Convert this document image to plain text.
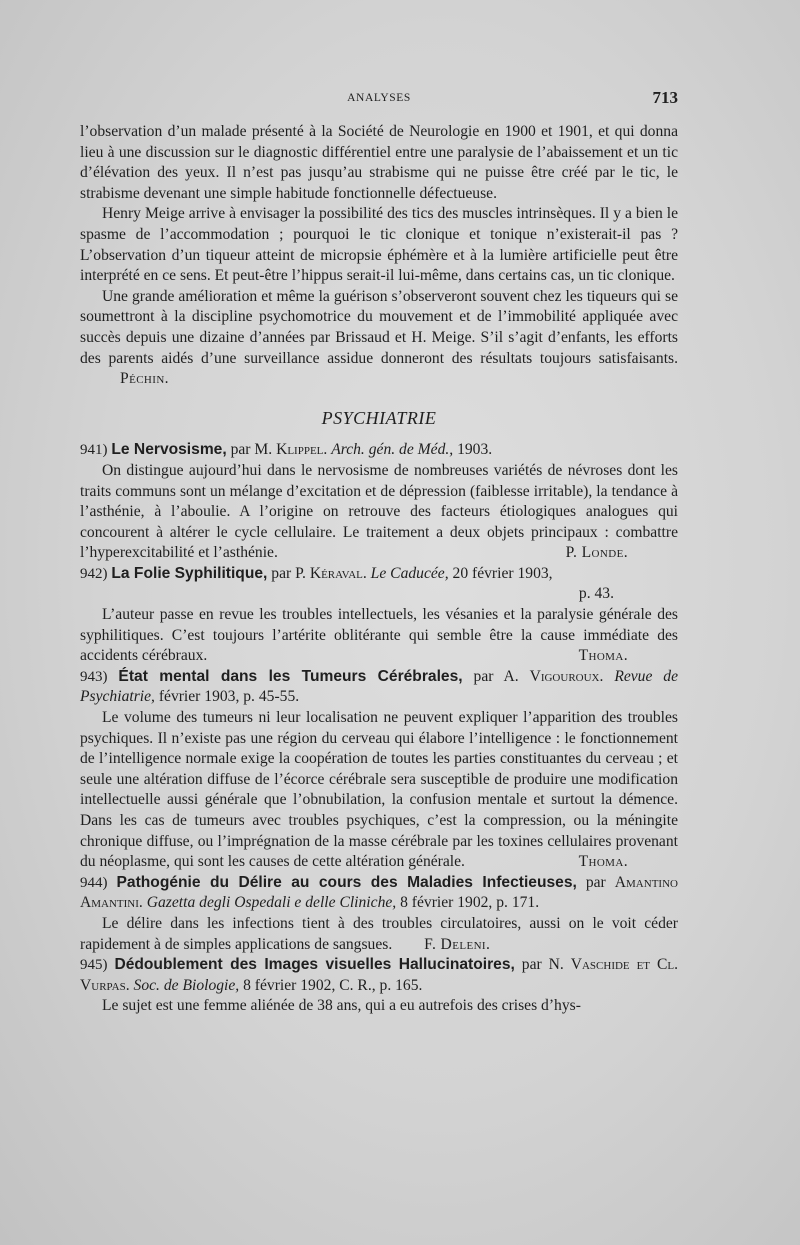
ANALYSES	713

l’observation d’un malade présenté à la Société de Neurologie en 1900 et 1901, et qui donna lieu à une discussion sur le diagnostic différentiel entre une paralysie de l’abaissement et un tic d’élévation des yeux. Il n’est pas jusqu’au strabisme qui ne puisse être créé par le tic, le strabisme devenant une simple habitude fonctionnelle défectueuse.

Henry Meige arrive à envisager la possibilité des tics des muscles intrinsèques. Il y a bien le spasme de l’accommodation ; pourquoi le tic clonique et tonique n’existerait-il pas ? L’observation d’un tiqueur atteint de micropsie éphémère et à la lumière artificielle peut être interprété en ce sens. Et peut-être l’hippus serait-il lui-même, dans certains cas, un tic clonique.

Une grande amélioration et même la guérison s’observeront souvent chez les tiqueurs qui se soumettront à la discipline psychomotrice du mouvement et de l’immobilité appliquée avec succès depuis une dizaine d’années par Brissaud et H. Meige. S’il s’agit d’enfants, les efforts des parents aidés d’une surveillance assidue donneront des résultats toujours satisfaisants. Péchin.

PSYCHIATRIE

941) Le Nervosisme, par M. Klippel. Arch. gén. de Méd., 1903.

On distingue aujourd’hui dans le nervosisme de nombreuses variétés de névroses dont les traits communs sont un mélange d’excitation et de dépression (faiblesse irritable), la tendance à l’asthénie, à l’aboulie. A l’origine on retrouve des facteurs étiologiques analogues qui concourent à altérer le cycle cellulaire. Le traitement a deux objets principaux : combattre l’hyperexcitabilité et l’asthénie.	P. Londe.

942) La Folie Syphilitique, par P. Kéraval. Le Caducée, 20 février 1903,

p. 43.

L’auteur passe en revue les troubles intellectuels, les vésanies et la paralysie générale des syphilitiques. C’est toujours l’artérite oblitérante qui semble être la cause immédiate des accidents cérébraux.	Thoma.

943) État mental dans les Tumeurs Cérébrales, par A. Vigouroux. Revue de Psychiatrie, février 1903, p. 45-55.

Le volume des tumeurs ni leur localisation ne peuvent expliquer l’apparition des troubles psychiques. Il n’existe pas une région du cerveau qui élabore l’intelligence : le fonctionnement de l’intelligence normale exige la coopération de toutes les parties constituantes du cerveau ; et seule une altération diffuse de l’écorce cérébrale sera susceptible de produire une modification intellectuelle aussi générale que l’obnubilation, la confusion mentale et surtout la démence. Dans les cas de tumeurs avec troubles psychiques, c’est la compression, ou la méningite chronique diffuse, ou l’imprégnation de la masse cérébrale par les toxines cellulaires provenant du néoplasme, qui sont les causes de cette altération générale.	Thoma.

944) Pathogénie du Délire au cours des Maladies Infectieuses, par Amantino Amantini. Gazetta degli Ospedali e delle Cliniche, 8 février 1902, p. 171.

Le délire dans les infections tient à des troubles circulatoires, aussi on le voit céder rapidement à de simples applications de sangsues. F. Deleni.

945) Dédoublement des Images visuelles Hallucinatoires, par N. Vaschide et Cl. Vurpas. Soc. de Biologie, 8 février 1902, C. R., p. 165.

Le sujet est une femme aliénée de 38 ans, qui a eu autrefois des crises d’hys-
